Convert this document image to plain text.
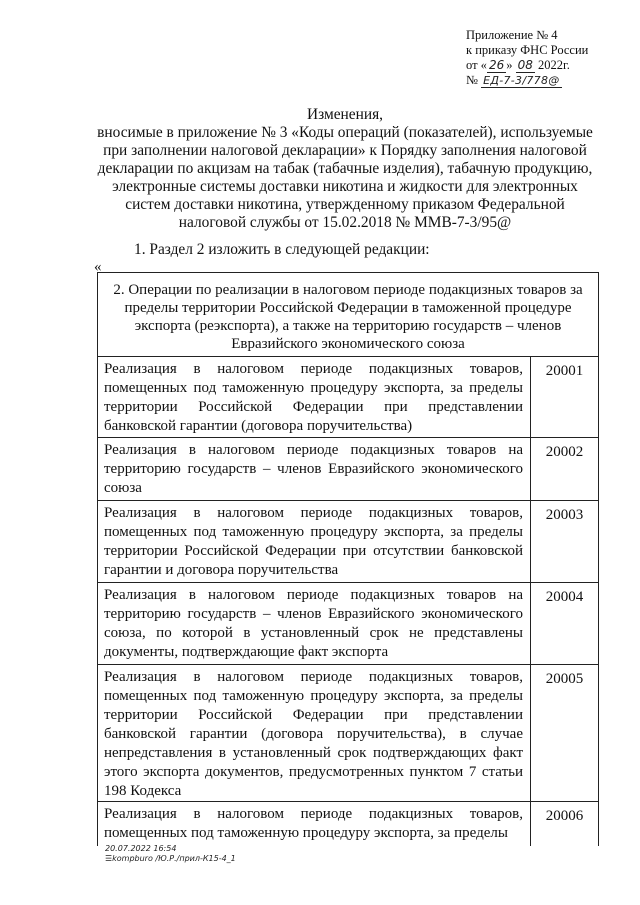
Приложение № 4
к приказу ФНС России
от « 26 » 08 2022г.
№ ЕД-7-3/778@
Изменения,
вносимые в приложение № 3 «Коды операций (показателей), используемые при заполнении налоговой декларации» к Порядку заполнения налоговой декларации по акцизам на табак (табачные изделия), табачную продукцию, электронные системы доставки никотина и жидкости для электронных систем доставки никотина, утвержденному приказом Федеральной налоговой службы от 15.02.2018 № ММВ-7-3/95@
1. Раздел 2 изложить в следующей редакции:
«
2. Операции по реализации в налоговом периоде подакцизных товаров за пределы территории Российской Федерации в таможенной процедуре экспорта (реэкспорта), а также на территорию государств – членов Евразийского экономического союза
Реализация в налоговом периоде подакцизных товаров, помещенных под таможенную процедуру экспорта, за пределы территории Российской Федерации при представлении банковской гарантии (договора поручительства)
20001
Реализация в налоговом периоде подакцизных товаров на территорию государств – членов Евразийского экономического союза
20002
Реализация в налоговом периоде подакцизных товаров, помещенных под таможенную процедуру экспорта, за пределы территории Российской Федерации при отсутствии банковской гарантии и договора поручительства
20003
Реализация в налоговом периоде подакцизных товаров на территорию государств – членов Евразийского экономического союза, по которой в установленный срок не представлены документы, подтверждающие факт экспорта
20004
Реализация в налоговом периоде подакцизных товаров, помещенных под таможенную процедуру экспорта, за пределы территории Российской Федерации при представлении банковской гарантии (договора поручительства), в случае непредставления в установленный срок подтверждающих факт этого экспорта документов, предусмотренных пунктом 7 статьи 198 Кодекса
20005
Реализация в налоговом периоде подакцизных товаров, помещенных под таможенную процедуру экспорта, за пределы
20006
20.07.2022 16:54
☰kompburo /Ю.Р./прил-К15-4_1
